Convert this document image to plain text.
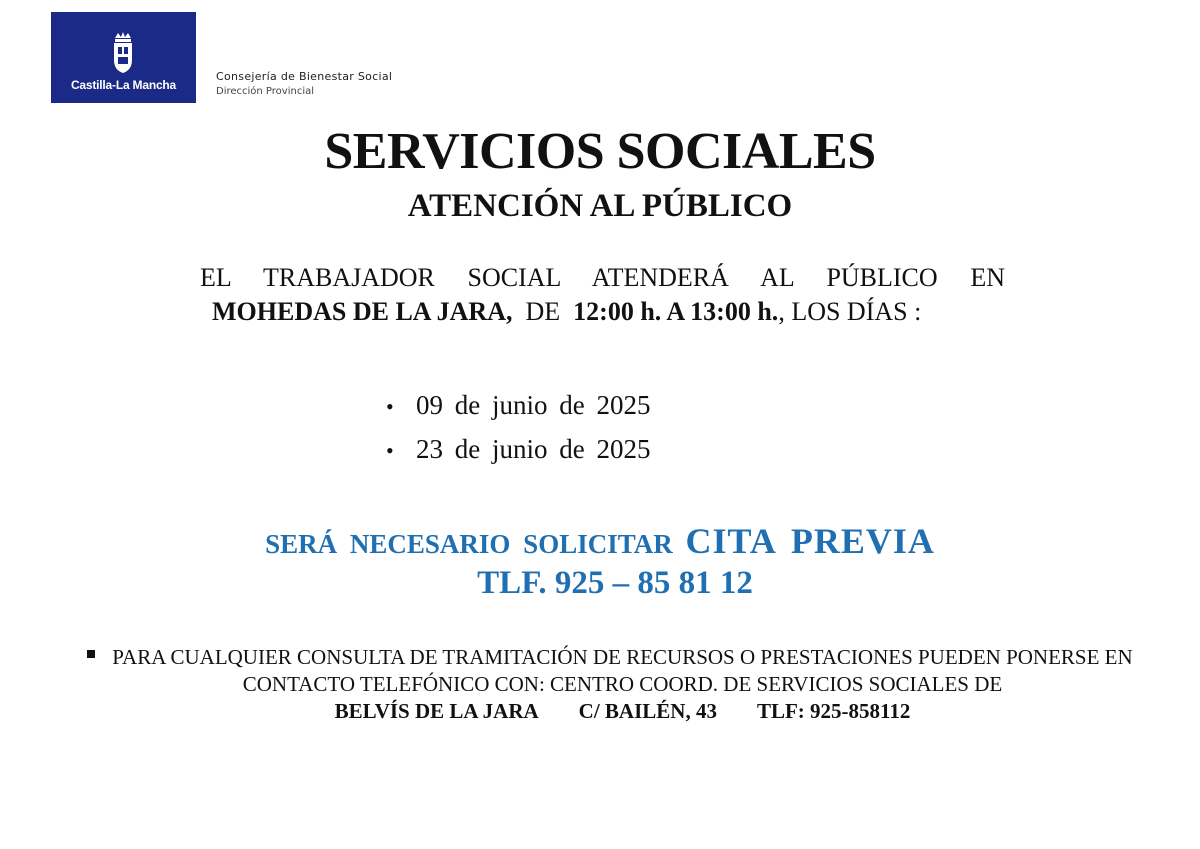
Castilla-La Mancha
Consejería de Bienestar Social
Dirección Provincial
SERVICIOS SOCIALES
ATENCIÓN AL PÚBLICO
EL TRABAJADOR SOCIAL ATENDERÁ AL PÚBLICO EN
MOHEDAS DE LA JARA, DE 12:00 h. A 13:00 h., LOS DÍAS :
• 09 de junio de 2025
• 23 de junio de 2025
SERÁ NECESARIO SOLICITAR CITA PREVIA
TLF. 925 – 85 81 12
PARA CUALQUIER CONSULTA DE TRAMITACIÓN DE RECURSOS O PRESTACIONES PUEDEN PONERSE EN CONTACTO TELEFÓNICO CON: CENTRO COORD. DE SERVICIOS SOCIALES DE
BELVÍS DE LA JARA C/ BAILÉN, 43 TLF: 925-858112
